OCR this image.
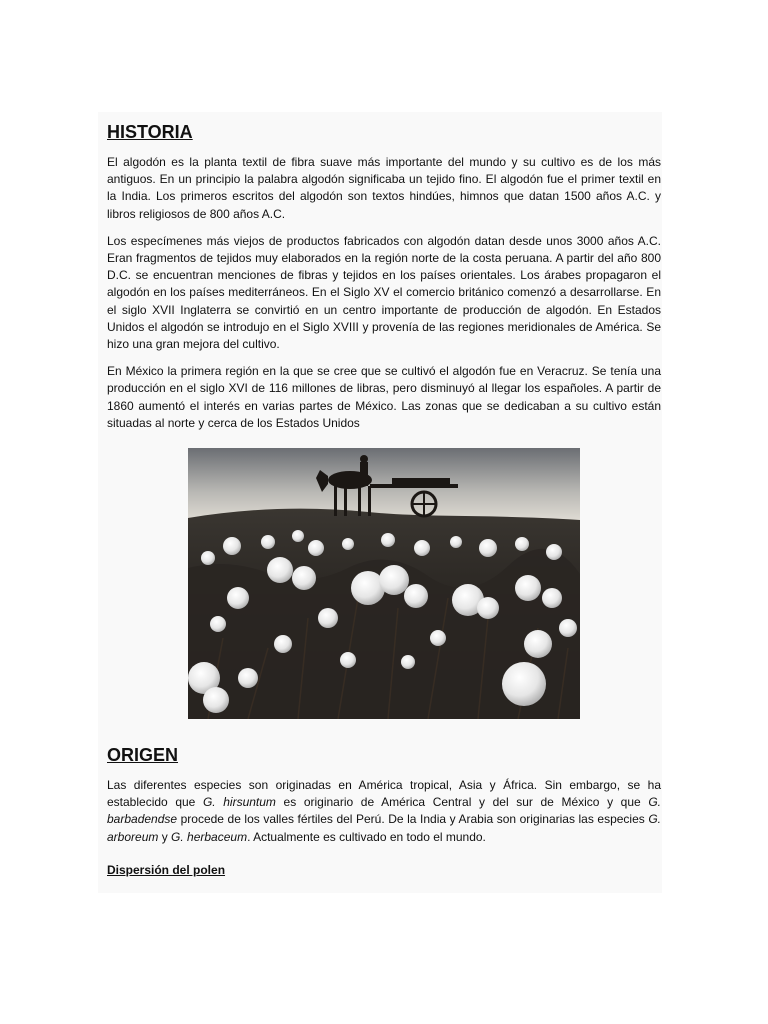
HISTORIA

El algodón es la planta textil de fibra suave más importante del mundo y su cultivo es de los más antiguos. En un principio la palabra algodón significaba un tejido fino. El algodón fue el primer textil en la India. Los primeros escritos del algodón son textos hindúes, himnos que datan 1500 años A.C. y libros religiosos de 800 años A.C.

Los especímenes más viejos de productos fabricados con algodón datan desde unos 3000 años A.C. Eran fragmentos de tejidos muy elaborados en la región norte de la costa peruana. A partir del año 800 D.C. se encuentran menciones de fibras y tejidos en los países orientales. Los árabes propagaron el algodón en los países mediterráneos. En el Siglo XV el comercio británico comenzó a desarrollarse. En el siglo XVII Inglaterra se convirtió en un centro importante de producción de algodón. En Estados Unidos el algodón se introdujo en el Siglo XVIII y provenía de las regiones meridionales de América. Se hizo una gran mejora del cultivo.

En México la primera región en la que se cree que se cultivó el algodón fue en Veracruz. Se tenía una producción en el siglo XVI de 116 millones de libras, pero disminuyó al llegar los españoles. A partir de 1860 aumentó el interés en varias partes de México. Las zonas que se dedicaban a su cultivo están situadas al norte y cerca de los Estados Unidos

ORIGEN

Las diferentes especies son originadas en América tropical, Asia y África. Sin embargo, se ha establecido que G. hirsuntum es originario de América Central y del sur de México y que G. barbadendse procede de los valles fértiles del Perú. De la India y Arabia son originarias las especies G. arboreum y G. herbaceum. Actualmente es cultivado en todo el mundo.

Dispersión del polen
